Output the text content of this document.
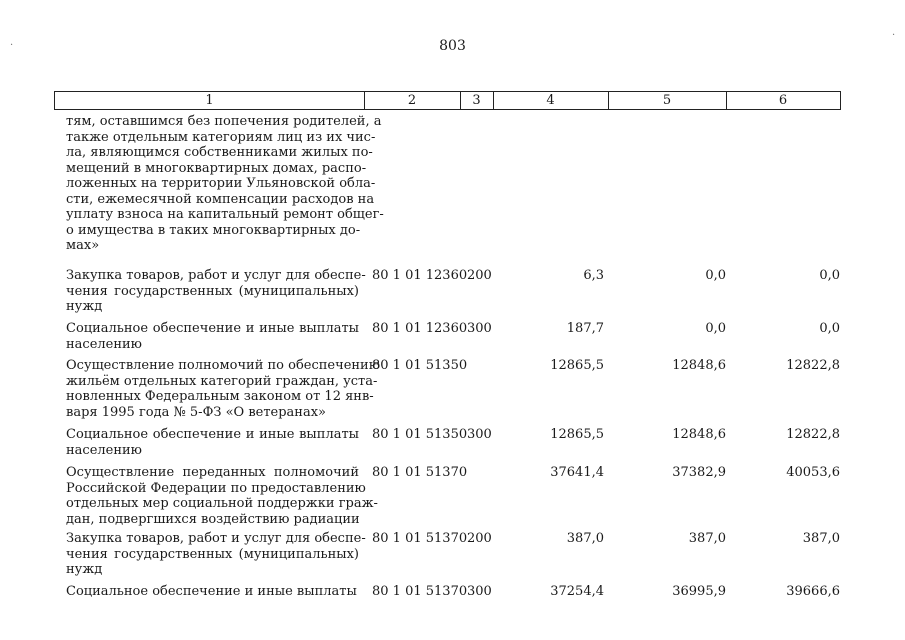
803
1	2	3	4	5	6
тям, оставшимся без попечения родителей, а
также отдельным категориям лиц из их чис-
ла, являющимся собственниками жилых по-
мещений в многоквартирных домах, распо-
ложенных на территории Ульяновской обла-
сти, ежемесячной компенсации расходов на
уплату взноса на капитальный ремонт общег-
о имущества в таких многоквартирных до-
мах»
Закупка товаров, работ и услуг для обеспе-
чения государственных (муниципальных)
нужд
80 1 01 12360 200	6,3	0,0	0,0
Социальное обеспечение и иные выплаты
населению
80 1 01 12360 300	187,7	0,0	0,0
Осуществление полномочий по обеспечению
жильём отдельных категорий граждан, уста-
новленных Федеральным законом от 12 янв-
варя 1995 года № 5-ФЗ «О ветеранах»
80 1 01 51350	12865,5	12848,6	12822,8
Социальное обеспечение и иные выплаты
населению
80 1 01 51350 300	12865,5	12848,6	12822,8
Осуществление переданных полномочий
Российской Федерации по предоставлению
отдельных мер социальной поддержки граж-
дан, подвергшихся воздействию радиации
80 1 01 51370	37641,4	37382,9	40053,6
Закупка товаров, работ и услуг для обеспе-
чения государственных (муниципальных)
нужд
80 1 01 51370 200	387,0	387,0	387,0
Социальное обеспечение и иные выплаты 80 1 01 51370 300	37254,4	36995,9	39666,6
·
·
